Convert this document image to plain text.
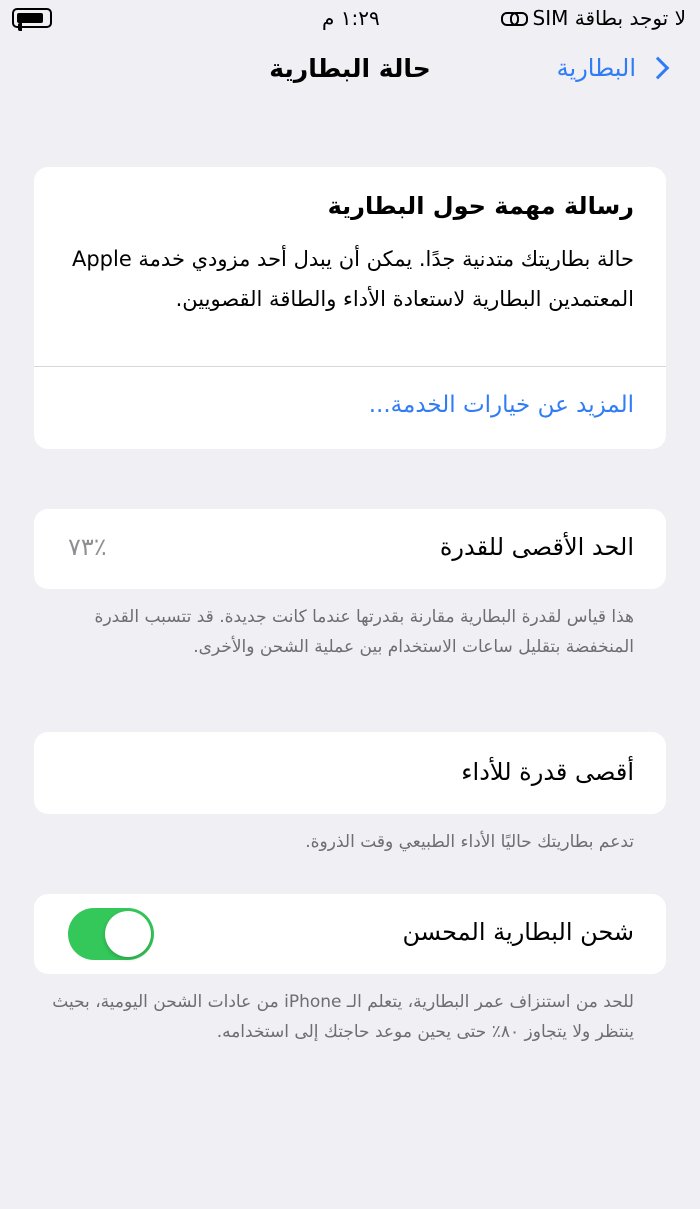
لا توجد بطاقة SIM
١:٢٩ م
حالة البطارية	البطارية
رسالة مهمة حول البطارية
حالة بطاريتك متدنية جدًا. يمكن أن يبدل أحد مزودي خدمة Apple المعتمدين البطارية لاستعادة الأداء والطاقة القصويين.
المزيد عن خيارات الخدمة...
الحد الأقصى للقدرة
٪٧٣
هذا قياس لقدرة البطارية مقارنة بقدرتها عندما كانت جديدة. قد تتسبب القدرة المنخفضة بتقليل ساعات الاستخدام بين عملية الشحن والأخرى.
أقصى قدرة للأداء
تدعم بطاريتك حاليًا الأداء الطبيعي وقت الذروة.
شحن البطارية المحسن
للحد من استنزاف عمر البطارية، يتعلم الـ iPhone من عادات الشحن اليومية، بحيث ينتظر ولا يتجاوز ٨٠٪ حتى يحين موعد حاجتك إلى استخدامه.
